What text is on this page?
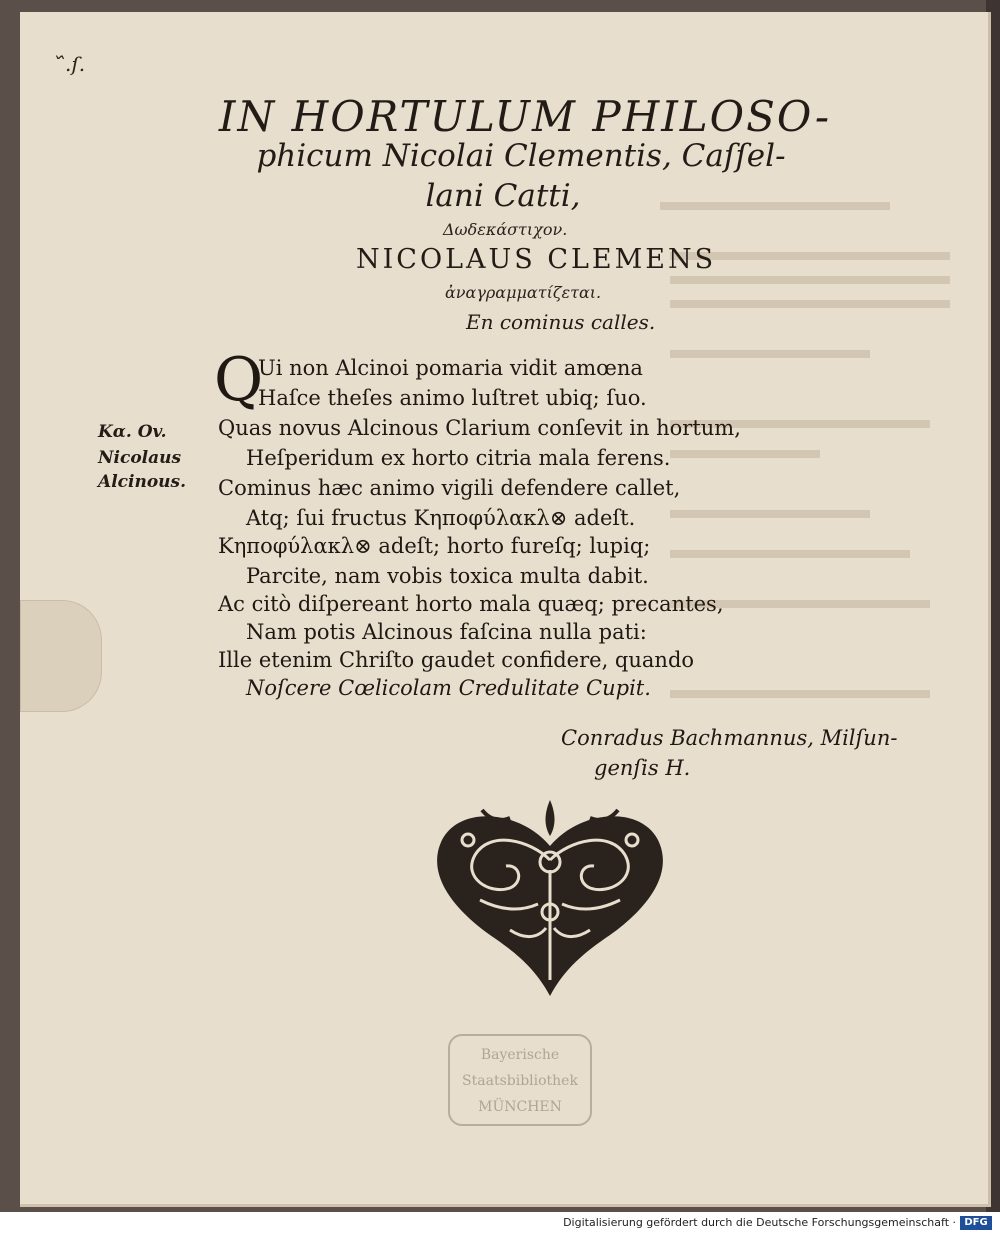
᷈.ſ.
IN HORTULUM PHILOSO-
phicum Nicolai Clementis, Caſſel-
lani Catti,
Δωδεκάστιχον.
NICOLAUS CLEMENS
ἀναγραμματίζεται.
En cominus calles.
Q
Ui non Alcinoi pomaria vidit amœna
Haſce theſes animo luſtret ubiq; ſuo.
Quas novus Alcinous Clarium conſevit in hortum,
Heſperidum ex horto citria mala ferens.
Cominus hæc animo vigili defendere callet,
Atq; ſui fructus Κηποφύλακλ⊗ adeſt.
Κηποφύλακλ⊗ adeſt; horto fureſq; lupiq;
Parcite, nam vobis toxica multa dabit.
Ac citò diſpereant horto mala quæq; precantes,
Nam potis Alcinous faſcina nulla pati:
Ille etenim Chriſto gaudet confidere, quando
Noſcere Cœlicolam Credulitate Cupit.
Kα. Ov.
Nicolaus
Alcinous.
Conradus Bachmannus, Milſun-
genſis H.
Bayerische
Staatsbibliothek
MÜNCHEN
Digitalisierung gefördert durch die Deutsche Forschungsgemeinschaft · DFG
